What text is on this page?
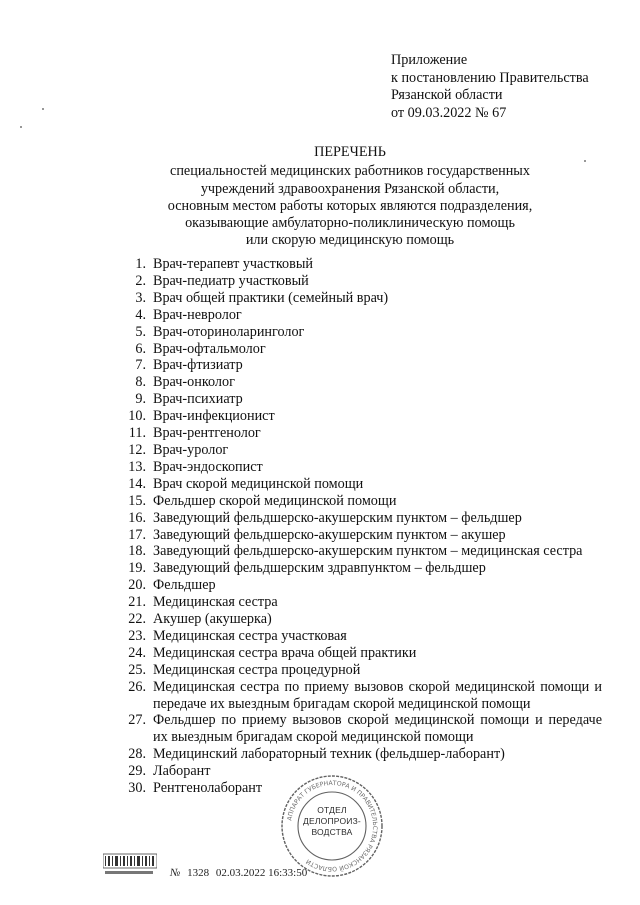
Приложение
к постановлению Правительства
Рязанской области
от 09.03.2022 № 67
ПЕРЕЧЕНЬ
специальностей медицинских работников государственных
учреждений здравоохранения Рязанской области,
основным местом работы которых являются подразделения,
оказывающие амбулаторно-поликлиническую помощь
или скорую медицинскую помощь
1. Врач-терапевт участковый
2. Врач-педиатр участковый
3. Врач общей практики (семейный врач)
4. Врач-невролог
5. Врач-оториноларинголог
6. Врач-офтальмолог
7. Врач-фтизиатр
8. Врач-онколог
9. Врач-психиатр
10. Врач-инфекционист
11. Врач-рентгенолог
12. Врач-уролог
13. Врач-эндоскопист
14. Врач скорой медицинской помощи
15. Фельдшер скорой медицинской помощи
16. Заведующий фельдшерско-акушерским пунктом – фельдшер
17. Заведующий фельдшерско-акушерским пунктом – акушер
18. Заведующий фельдшерско-акушерским пунктом – медицинская сестра
19. Заведующий фельдшерским здравпунктом – фельдшер
20. Фельдшер
21. Медицинская сестра
22. Акушер (акушерка)
23. Медицинская сестра участковая
24. Медицинская сестра врача общей практики
25. Медицинская сестра процедурной
26. Медицинская сестра по приему вызовов скорой медицинской помощи и передаче их выездным бригадам скорой медицинской помощи
27. Фельдшер по приему вызовов скорой медицинской помощи и передаче их выездным бригадам скорой медицинской помощи
28. Медицинский лабораторный техник (фельдшер-лаборант)
29. Лаборант
30. Рентгенолаборант
АППАРАТ ГУБЕРНАТОРА И ПРАВИТЕЛЬСТВА РЯЗАНСКОЙ ОБЛАСТИ
ОТДЕЛ
ДЕЛОПРОИЗ-
ВОДСТВА
№ 1328 02.03.2022 16:33:50
